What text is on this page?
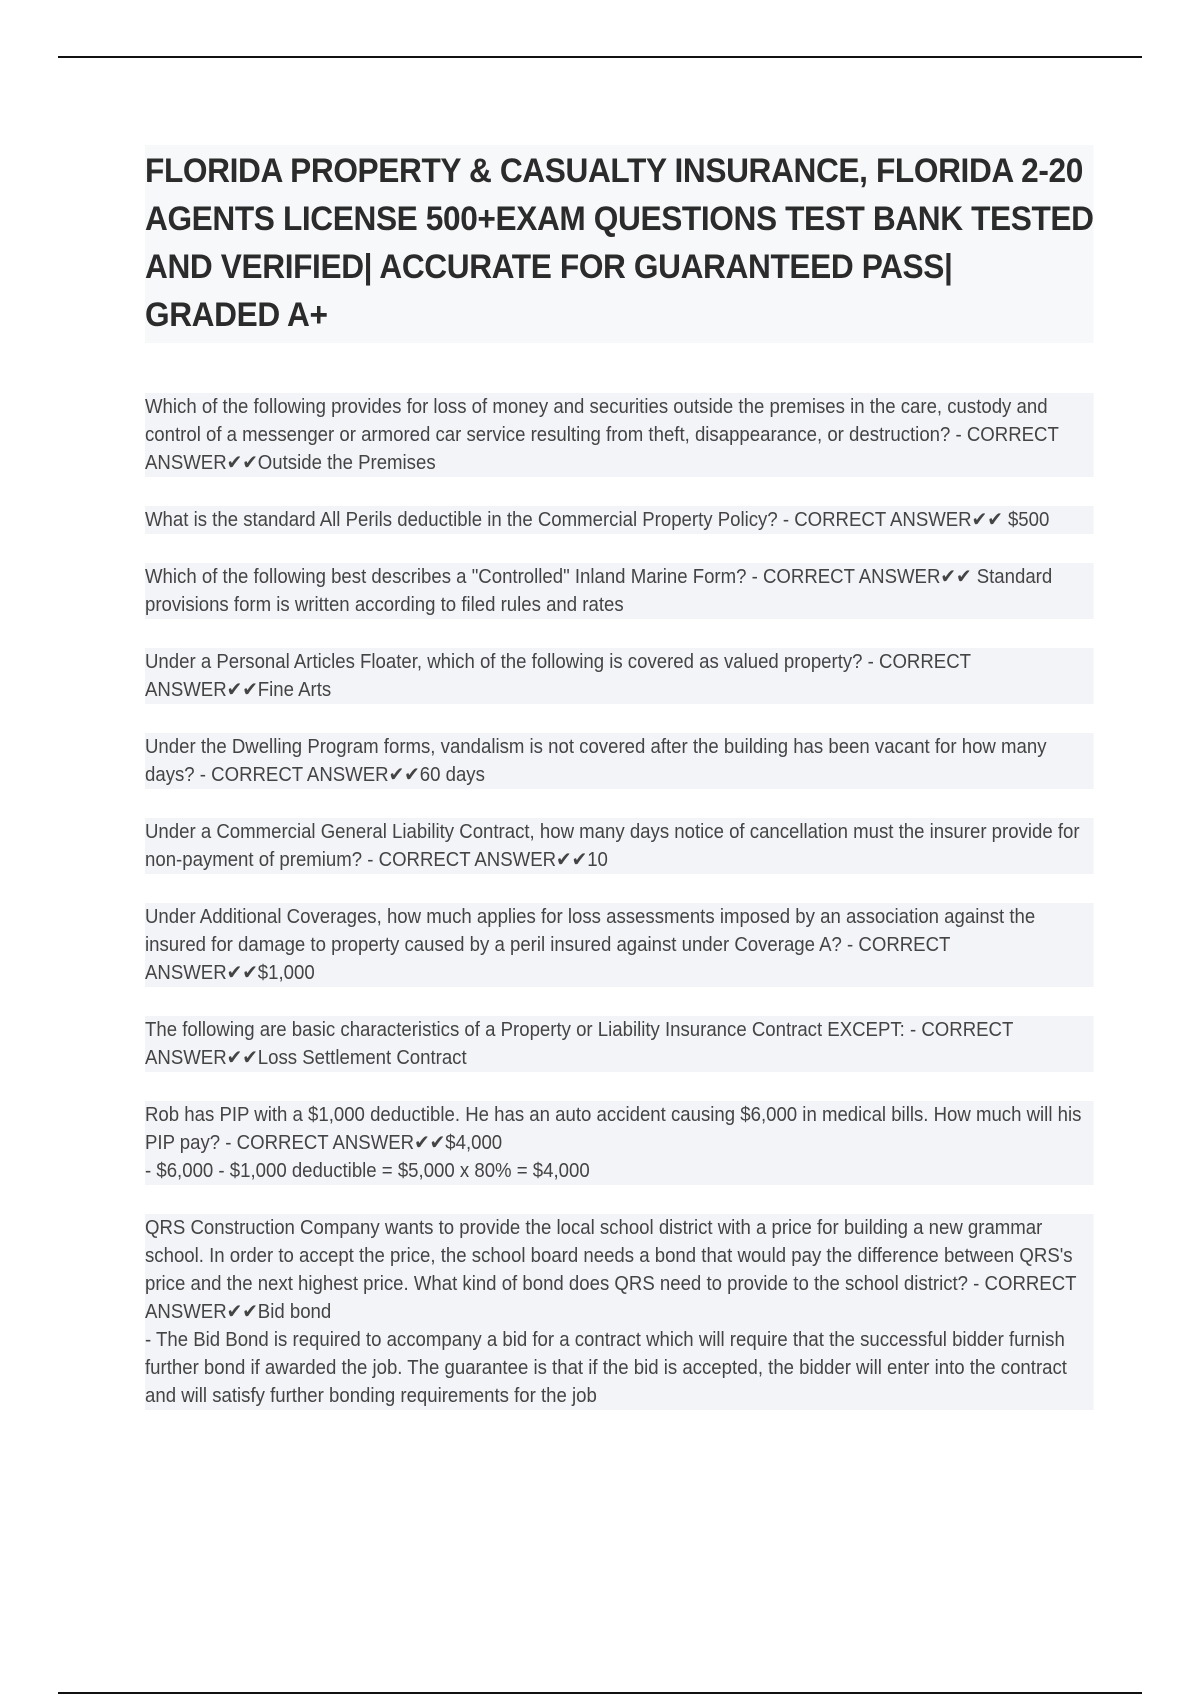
FLORIDA PROPERTY & CASUALTY INSURANCE, FLORIDA 2-20 AGENTS LICENSE 500+EXAM QUESTIONS TEST BANK TESTED AND VERIFIED| ACCURATE FOR GUARANTEED PASS| GRADED A+
Which of the following provides for loss of money and securities outside the premises in the care, custody and control of a messenger or armored car service resulting from theft, disappearance, or destruction? - CORRECT ANSWER✔✔Outside the Premises
What is the standard All Perils deductible in the Commercial Property Policy? - CORRECT ANSWER✔✔ $500
Which of the following best describes a "Controlled" Inland Marine Form? - CORRECT ANSWER✔✔ Standard provisions form is written according to filed rules and rates
Under a Personal Articles Floater, which of the following is covered as valued property? - CORRECT ANSWER✔✔Fine Arts
Under the Dwelling Program forms, vandalism is not covered after the building has been vacant for how many days? - CORRECT ANSWER✔✔60 days
Under a Commercial General Liability Contract, how many days notice of cancellation must the insurer provide for non-payment of premium? - CORRECT ANSWER✔✔10
Under Additional Coverages, how much applies for loss assessments imposed by an association against the insured for damage to property caused by a peril insured against under Coverage A? - CORRECT ANSWER✔✔$1,000
The following are basic characteristics of a Property or Liability Insurance Contract EXCEPT: - CORRECT ANSWER✔✔Loss Settlement Contract
Rob has PIP with a $1,000 deductible. He has an auto accident causing $6,000 in medical bills. How much will his PIP pay? - CORRECT ANSWER✔✔$4,000
- $6,000 - $1,000 deductible = $5,000 x 80% = $4,000
QRS Construction Company wants to provide the local school district with a price for building a new grammar school. In order to accept the price, the school board needs a bond that would pay the difference between QRS's price and the next highest price. What kind of bond does QRS need to provide to the school district? - CORRECT ANSWER✔✔Bid bond
- The Bid Bond is required to accompany a bid for a contract which will require that the successful bidder furnish further bond if awarded the job. The guarantee is that if the bid is accepted, the bidder will enter into the contract and will satisfy further bonding requirements for the job
